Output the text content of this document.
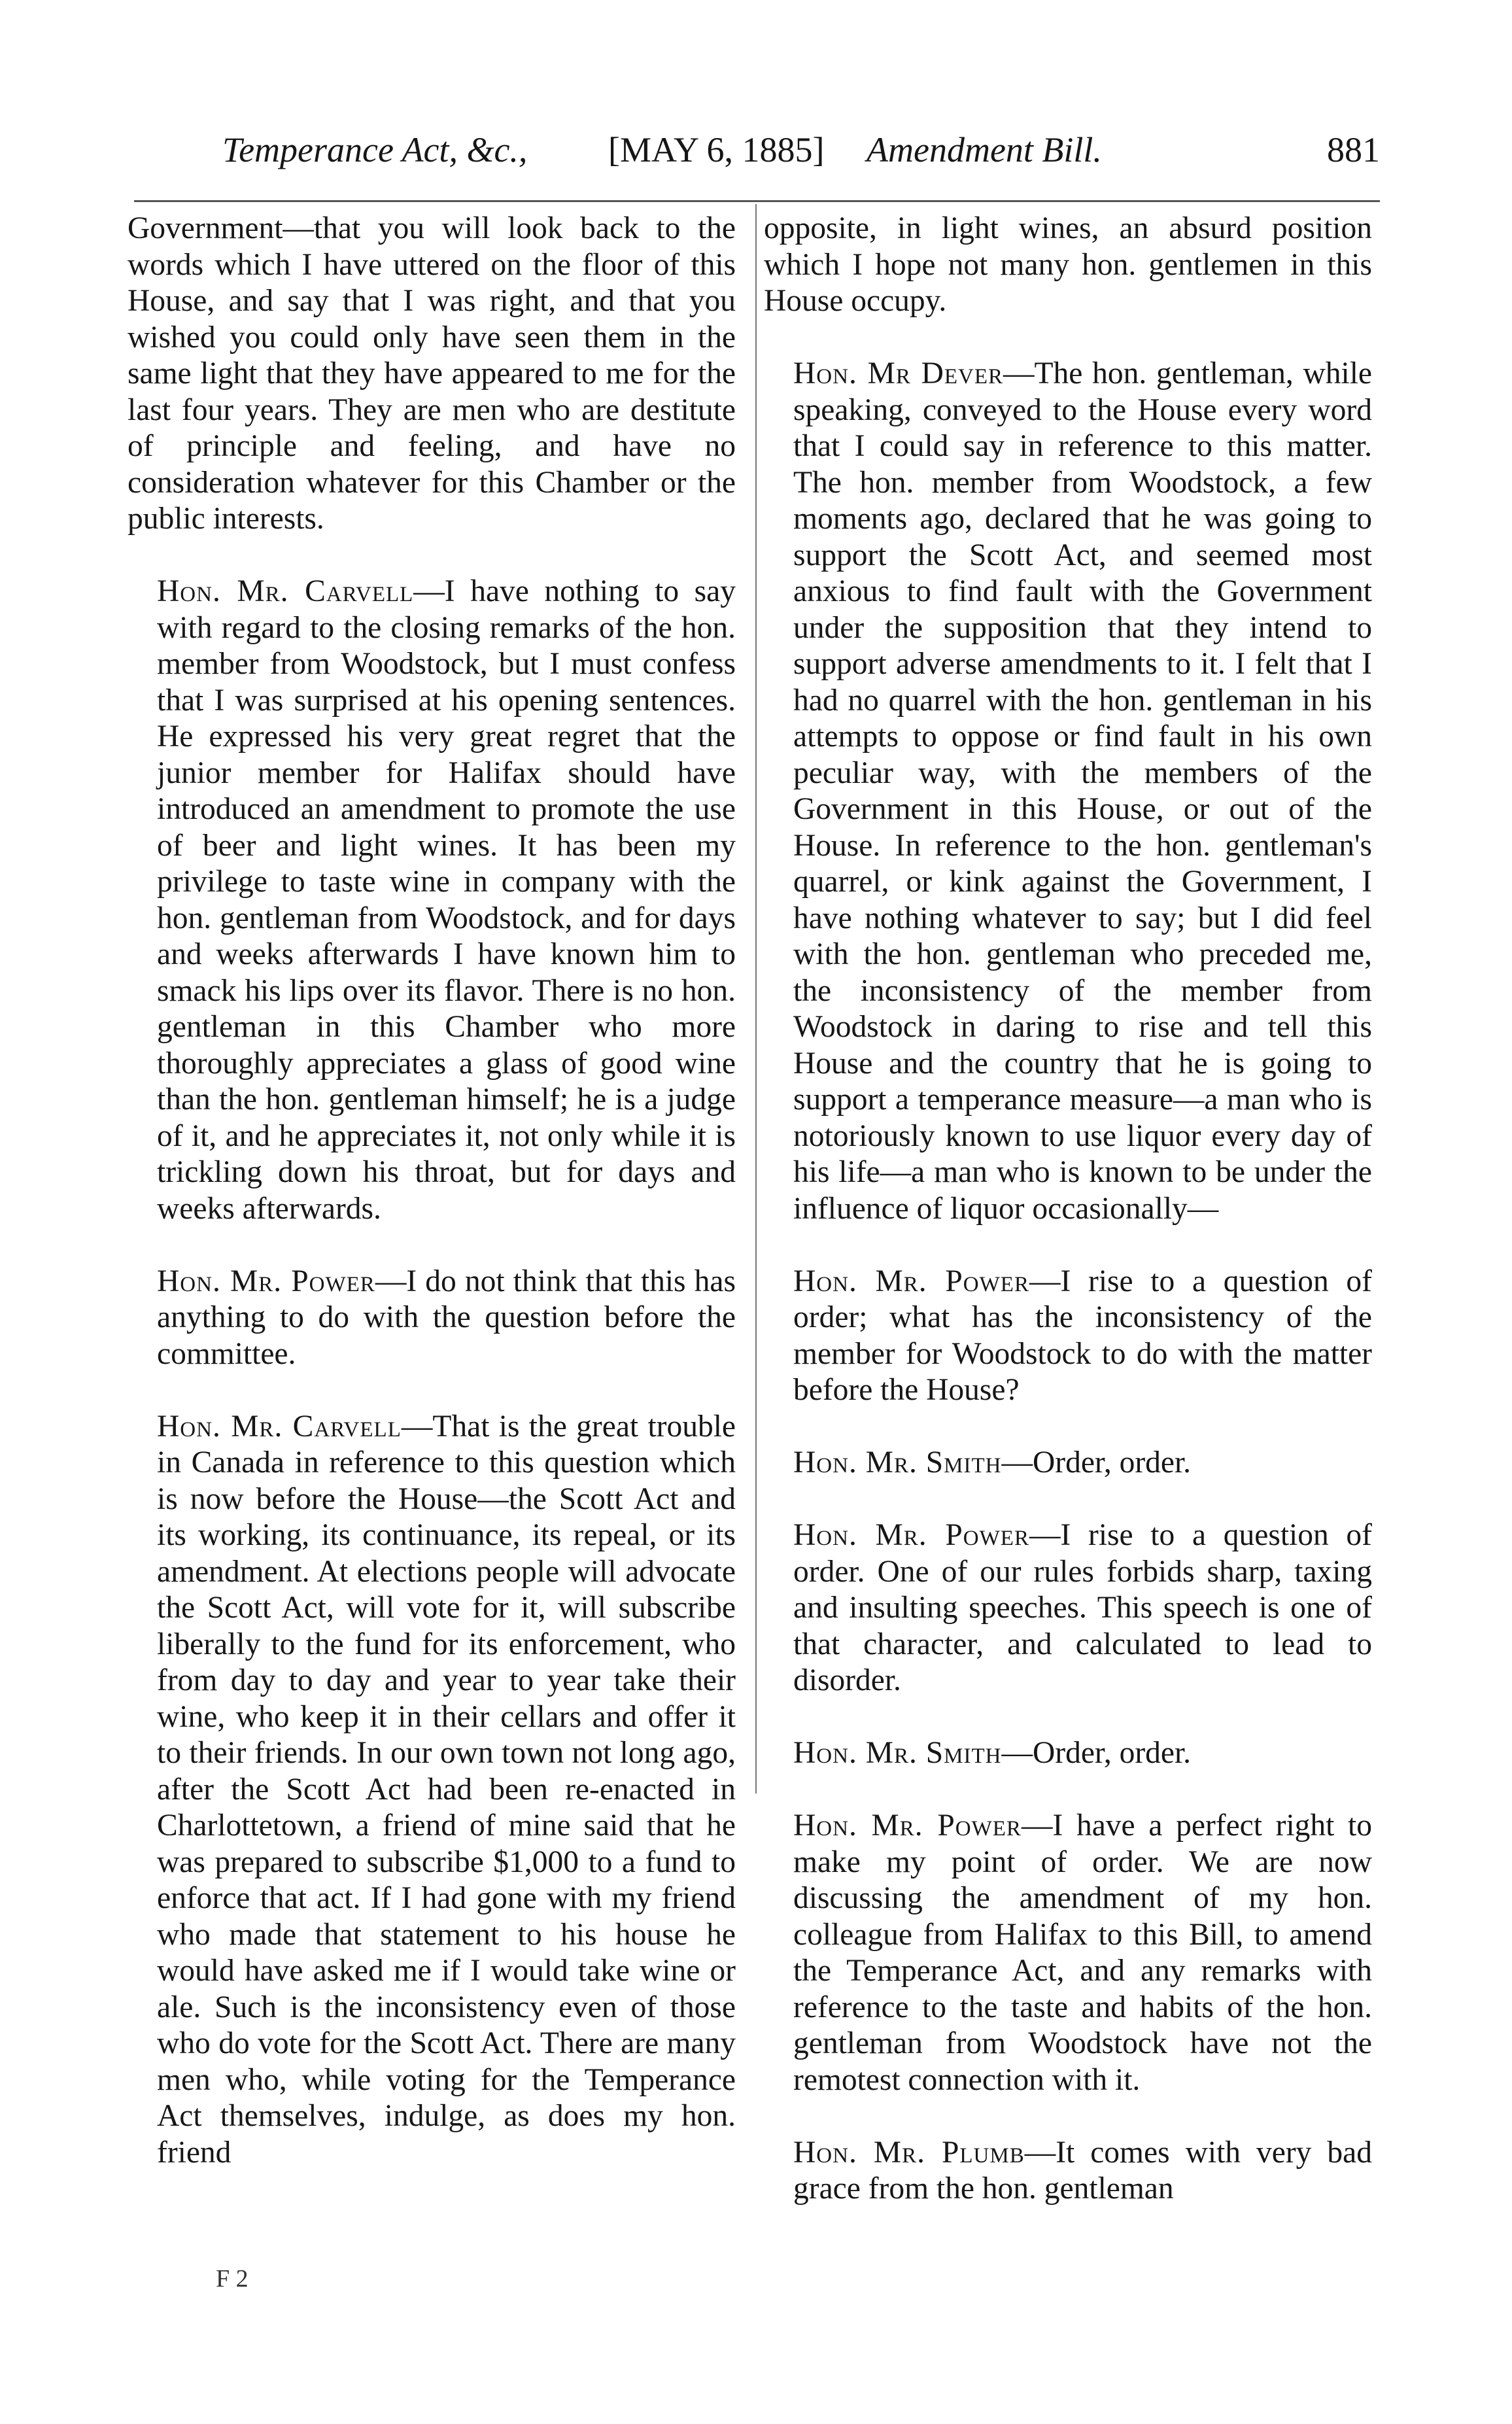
Temperance Act, &c., [MAY 6, 1885] Amendment Bill.	881

Government—that you will look back to the words which I have uttered on the floor of this House, and say that I was right, and that you wished you could only have seen them in the same light that they have appeared to me for the last four years. They are men who are destitute of principle and feeling, and have no consideration whatever for this Chamber or the public interests.

Hon. Mr. Carvell—I have nothing to say with regard to the closing remarks of the hon. member from Woodstock, but I must confess that I was surprised at his opening sentences. He expressed his very great regret that the junior member for Halifax should have introduced an amendment to promote the use of beer and light wines. It has been my privilege to taste wine in company with the hon. gentleman from Woodstock, and for days and weeks afterwards I have known him to smack his lips over its flavor. There is no hon. gentleman in this Chamber who more thoroughly appreciates a glass of good wine than the hon. gentleman himself; he is a judge of it, and he appreciates it, not only while it is trickling down his throat, but for days and weeks afterwards.

Hon. Mr. Power—I do not think that this has anything to do with the question before the committee.

Hon. Mr. Carvell—That is the great trouble in Canada in reference to this question which is now before the House—the Scott Act and its working, its continuance, its repeal, or its amendment. At elections people will advocate the Scott Act, will vote for it, will subscribe liberally to the fund for its enforcement, who from day to day and year to year take their wine, who keep it in their cellars and offer it to their friends. In our own town not long ago, after the Scott Act had been re-enacted in Charlottetown, a friend of mine said that he was prepared to subscribe $1,000 to a fund to enforce that act. If I had gone with my friend who made that statement to his house he would have asked me if I would take wine or ale. Such is the inconsistency even of those who do vote for the Scott Act. There are many men who, while voting for the Temperance Act themselves, indulge, as does my hon. friend

opposite, in light wines, an absurd position which I hope not many hon. gentlemen in this House occupy.

Hon. Mr Dever—The hon. gentleman, while speaking, conveyed to the House every word that I could say in reference to this matter. The hon. member from Woodstock, a few moments ago, declared that he was going to support the Scott Act, and seemed most anxious to find fault with the Government under the supposition that they intend to support adverse amendments to it. I felt that I had no quarrel with the hon. gentleman in his attempts to oppose or find fault in his own peculiar way, with the members of the Government in this House, or out of the House. In reference to the hon. gentleman's quarrel, or kink against the Government, I have nothing whatever to say; but I did feel with the hon. gentleman who preceded me, the inconsistency of the member from Woodstock in daring to rise and tell this House and the country that he is going to support a temperance measure—a man who is notoriously known to use liquor every day of his life—a man who is known to be under the influence of liquor occasionally—

Hon. Mr. Power—I rise to a question of order; what has the inconsistency of the member for Woodstock to do with the matter before the House?

Hon. Mr. Smith—Order, order.

Hon. Mr. Power—I rise to a question of order. One of our rules forbids sharp, taxing and insulting speeches. This speech is one of that character, and calculated to lead to disorder.

Hon. Mr. Smith—Order, order.

Hon. Mr. Power—I have a perfect right to make my point of order. We are now discussing the amendment of my hon. colleague from Halifax to this Bill, to amend the Temperance Act, and any remarks with reference to the taste and habits of the hon. gentleman from Woodstock have not the remotest connection with it.

Hon. Mr. Plumb—It comes with very bad grace from the hon. gentleman

F 2
